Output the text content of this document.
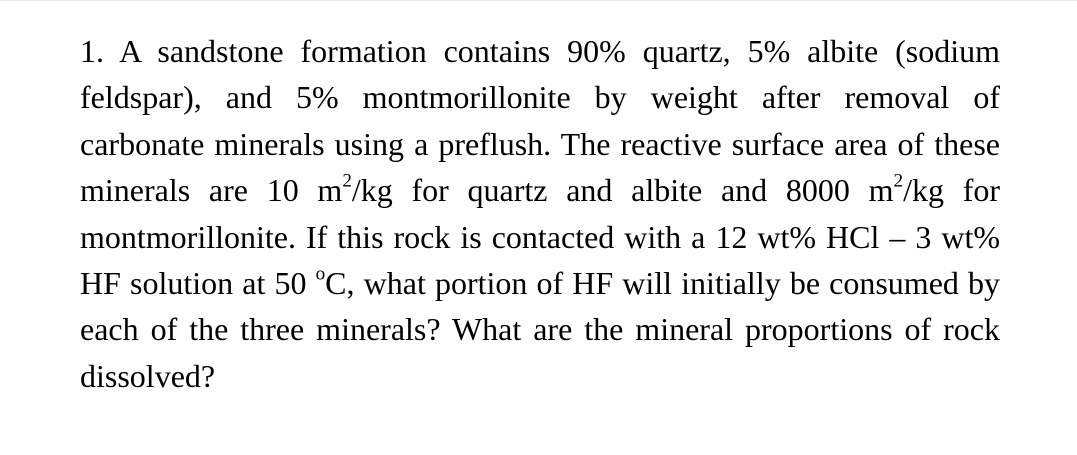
1. A sandstone formation contains 90% quartz, 5% albite (sodium feldspar), and 5% montmorillonite by weight after removal of carbonate minerals using a preflush. The reactive surface area of these minerals are 10 $m^2/kg$ for quartz and albite and 8000 $m^2/kg$ for montmorillonite. If this rock is contacted with a 12 wt% HCl – 3 wt% HF solution at 50 $^o$C, what portion of HF will initially be consumed by each of the three minerals? What are the mineral proportions of rock dissolved?
